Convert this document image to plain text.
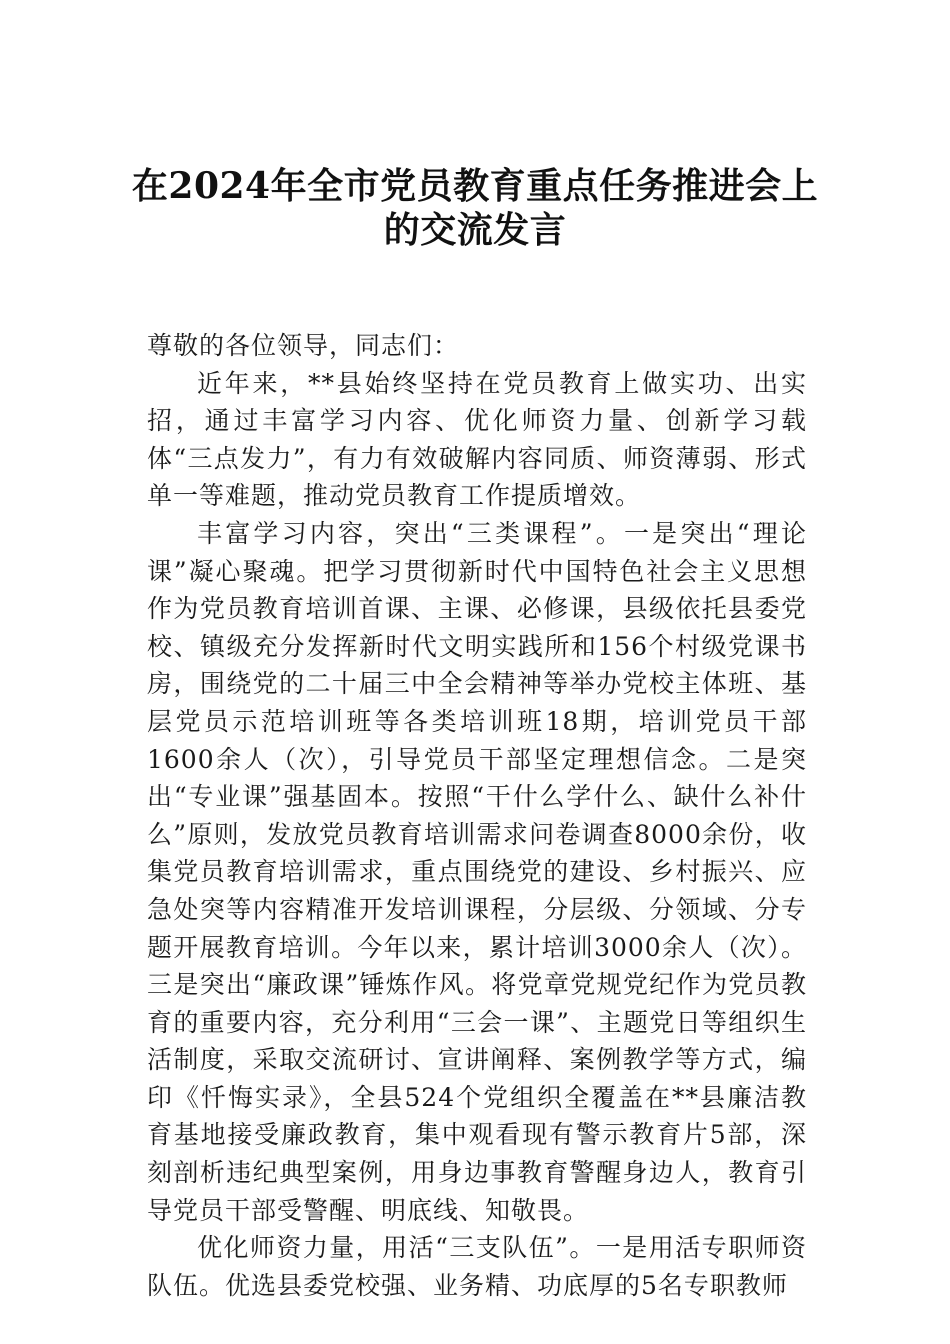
在2024年全市党员教育重点任务推进会上
的交流发言

尊敬的各位领导，同志们：

近年来，**县始终坚持在党员教育上做实功、出实招，通过丰富学习内容、优化师资力量、创新学习载体“三点发力”，有力有效破解内容同质、师资薄弱、形式单一等难题，推动党员教育工作提质增效。

丰富学习内容，突出“三类课程”。一是突出“理论课”凝心聚魂。把学习贯彻新时代中国特色社会主义思想作为党员教育培训首课、主课、必修课，县级依托县委党校、镇级充分发挥新时代文明实践所和156个村级党课书房，围绕党的二十届三中全会精神等举办党校主体班、基层党员示范培训班等各类培训班18期，培训党员干部1600余人（次），引导党员干部坚定理想信念。二是突出“专业课”强基固本。按照“干什么学什么、缺什么补什么”原则，发放党员教育培训需求问卷调查8000余份，收集党员教育培训需求，重点围绕党的建设、乡村振兴、应急处突等内容精准开发培训课程，分层级、分领域、分专题开展教育培训。今年以来，累计培训3000余人（次）。三是突出“廉政课”锤炼作风。将党章党规党纪作为党员教育的重要内容，充分利用“三会一课”、主题党日等组织生活制度，采取交流研讨、宣讲阐释、案例教学等方式，编印《忏悔实录》，全县524个党组织全覆盖在**县廉洁教育基地接受廉政教育，集中观看现有警示教育片5部，深刻剖析违纪典型案例，用身边事教育警醒身边人，教育引导党员干部受警醒、明底线、知敬畏。

优化师资力量，用活“三支队伍”。一是用活专职师资队伍。优选县委党校强、业务精、功底厚的5名专职教师
